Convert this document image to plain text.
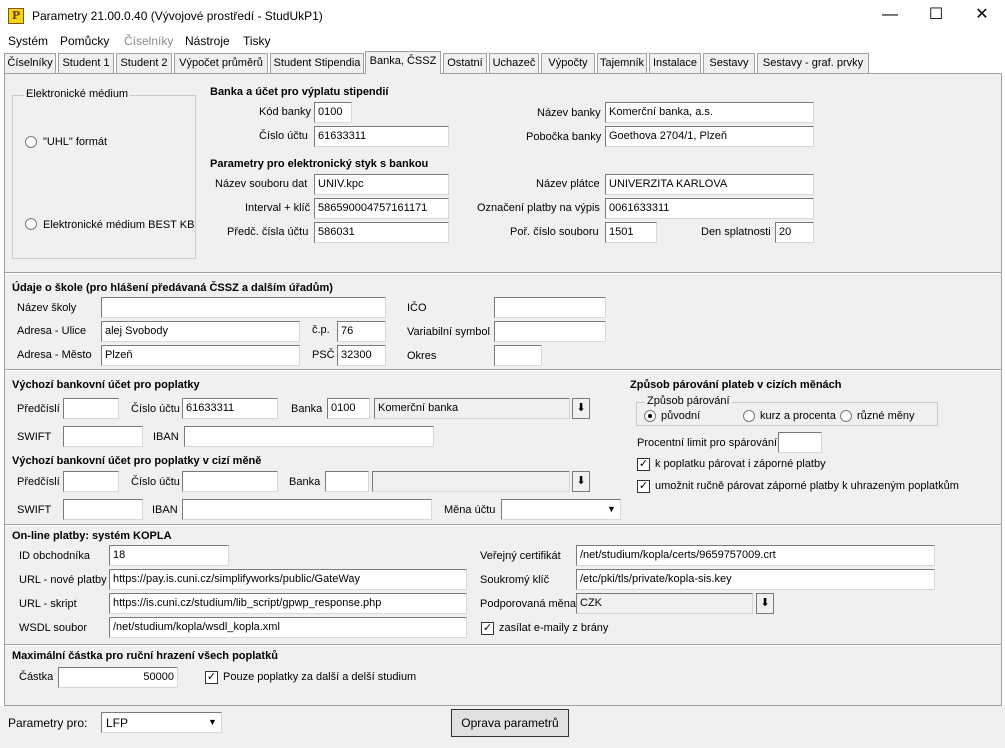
P Parametry 21.00.0.40 (Vývojové prostředí - StudUkP1)	—	☐	✕
Systém Pomůcky Číselníky Nástroje Tisky
Číselníky Student 1 Student 2	Výpočet průměrů Student Stipendia Banka, ČSSZ Ostatní Uchazeč	Výpočty	Tajemník Instalace	Sestavy	Sestavy - graf. prvky
Elektronické médium
"UHL" formát
Elektronické médium BEST KB
Banka a účet pro výplatu stipendií
Kód banky 0100	Název banky Komerční banka, a.s.
Číslo účtu 61633311	Pobočka banky Goethova 2704/1, Plzeň
Parametry pro elektronický styk s bankou
Název souboru dat UNIV.kpc	Název plátce UNIVERZITA KARLOVA
Interval + klíč 586590004757161171	Označení platby na výpis 0061633311
Předč. čísla účtu 586031	Poř. číslo souboru 1501	Den splatnosti 20
Údaje o škole (pro hlášení předávaná ČSSZ a dalším úřadům)
Název školy	IČO
Adresa - Ulice	alej Svobody	č.p.	76	Variabilní symbol
Adresa - Město	Plzeň	PSČ 32300	Okres
Výchozí bankovní účet pro poplatky
Předčíslí	Číslo účtu 61633311	Banka 0100	Komerční banka	⬇
SWIFT	IBAN
Výchozí bankovní účet pro poplatky v cizí měně
Předčíslí	Číslo účtu	Banka	⬇
SWIFT	IBAN	Měna účtu	▼
Způsob párování plateb v cizích měnách
Způsob párování
původní	kurz a procenta různé měny
Procentní limit pro spárování
✓ k poplatku párovat i záporné platby
✓ umožnit ručně párovat záporné platby k uhrazeným poplatkům
On-line platby: systém KOPLA
ID obchodníka	18
URL - nové platby https://pay.is.cuni.cz/simplifyworks/public/GateWay
URL - skript	https://is.cuni.cz/studium/lib_script/gpwp_response.php
WSDL soubor	/net/studium/kopla/wsdl_kopla.xml
Veřejný certifikát	/net/studium/kopla/certs/9659757009.crt
Soukromý klíč	/etc/pki/tls/private/kopla-sis.key
Podporovaná měna CZK	⬇
✓ zasílat e-maily z brány
Maximální částka pro ruční hrazení všech poplatků
Částka	50000	✓ Pouze poplatky za další a delší studium
Parametry pro:	LFP	▼	Oprava parametrů
